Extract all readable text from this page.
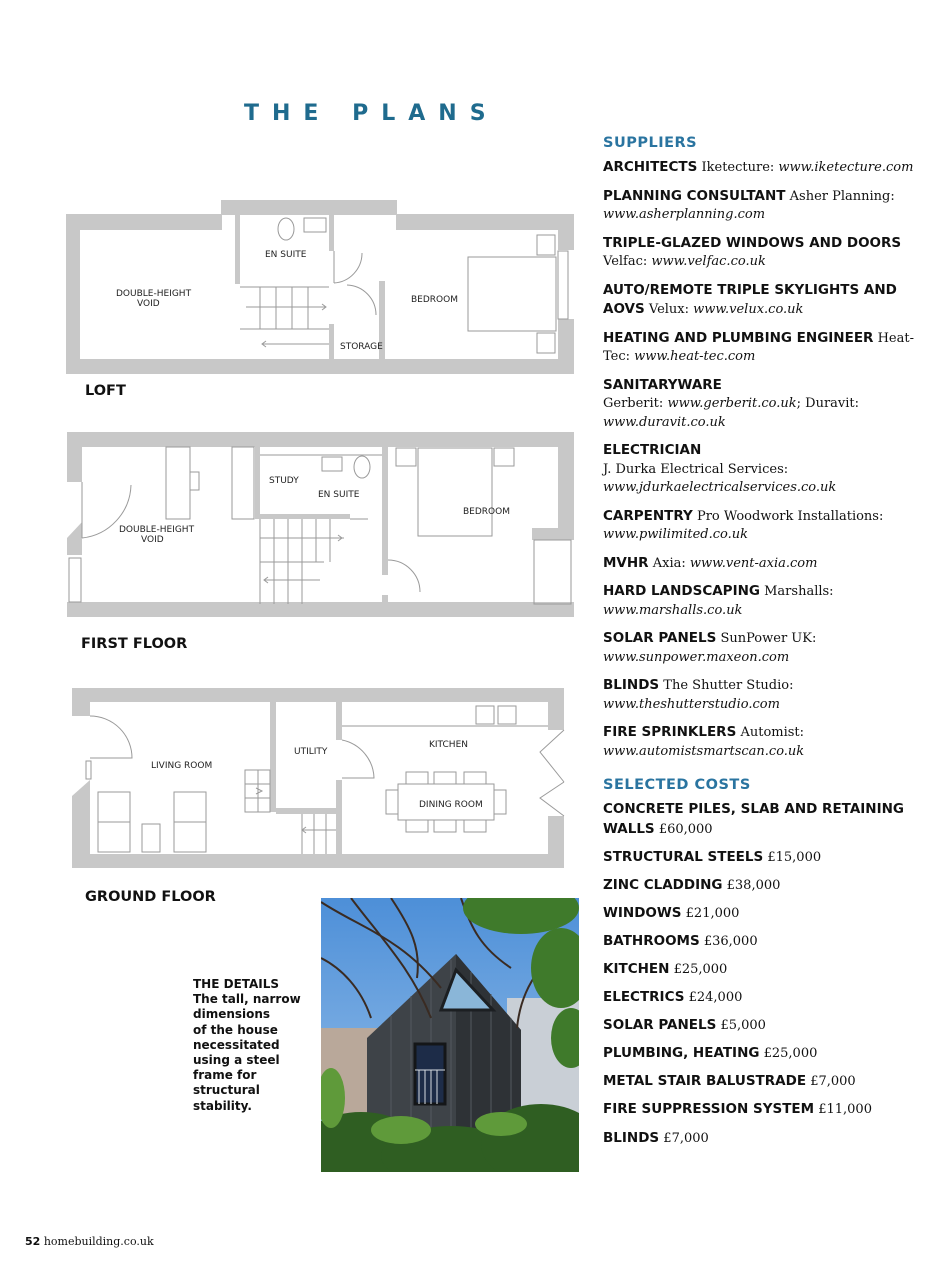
THE PLANS
DOUBLE-HEIGHT
VOID
EN SUITE
BEDROOM
STORAGE
LOFT
DOUBLE-HEIGHT
VOID
STUDY
EN SUITE
BEDROOM
FIRST FLOOR
LIVING ROOM
UTILITY
KITCHEN
DINING ROOM
GROUND FLOOR
THE DETAILS
The tall, narrow
dimensions
of the house
necessitated
using a steel
frame for
structural
stability.
SUPPLIERS
ARCHITECTS Iketecture: www.iketecture.com
PLANNING CONSULTANT Asher Planning: www.asherplanning.com
TRIPLE-GLAZED WINDOWS AND DOORS Velfac: www.velfac.co.uk
AUTO/REMOTE TRIPLE SKYLIGHTS AND AOVS Velux: www.velux.co.uk
HEATING AND PLUMBING ENGINEER Heat-Tec: www.heat-tec.com
SANITARYWARE
Gerberit: www.gerberit.co.uk; Duravit: www.duravit.co.uk
ELECTRICIAN
J. Durka Electrical Services: www.jdurkaelectricalservices.co.uk
CARPENTRY Pro Woodwork Installations: www.pwilimited.co.uk
MVHR Axia: www.vent-axia.com
HARD LANDSCAPING Marshalls: www.marshalls.co.uk
SOLAR PANELS SunPower UK: www.sunpower.maxeon.com
BLINDS The Shutter Studio: www.theshutterstudio.com
FIRE SPRINKLERS Automist: www.automistsmartscan.co.uk
SELECTED COSTS
CONCRETE PILES, SLAB AND RETAINING WALLS £60,000
STRUCTURAL STEELS £15,000
ZINC CLADDING £38,000
WINDOWS £21,000
BATHROOMS £36,000
KITCHEN £25,000
ELECTRICS £24,000
SOLAR PANELS £5,000
PLUMBING, HEATING £25,000
METAL STAIR BALUSTRADE £7,000
FIRE SUPPRESSION SYSTEM £11,000
BLINDS £7,000
52 homebuilding.co.uk
